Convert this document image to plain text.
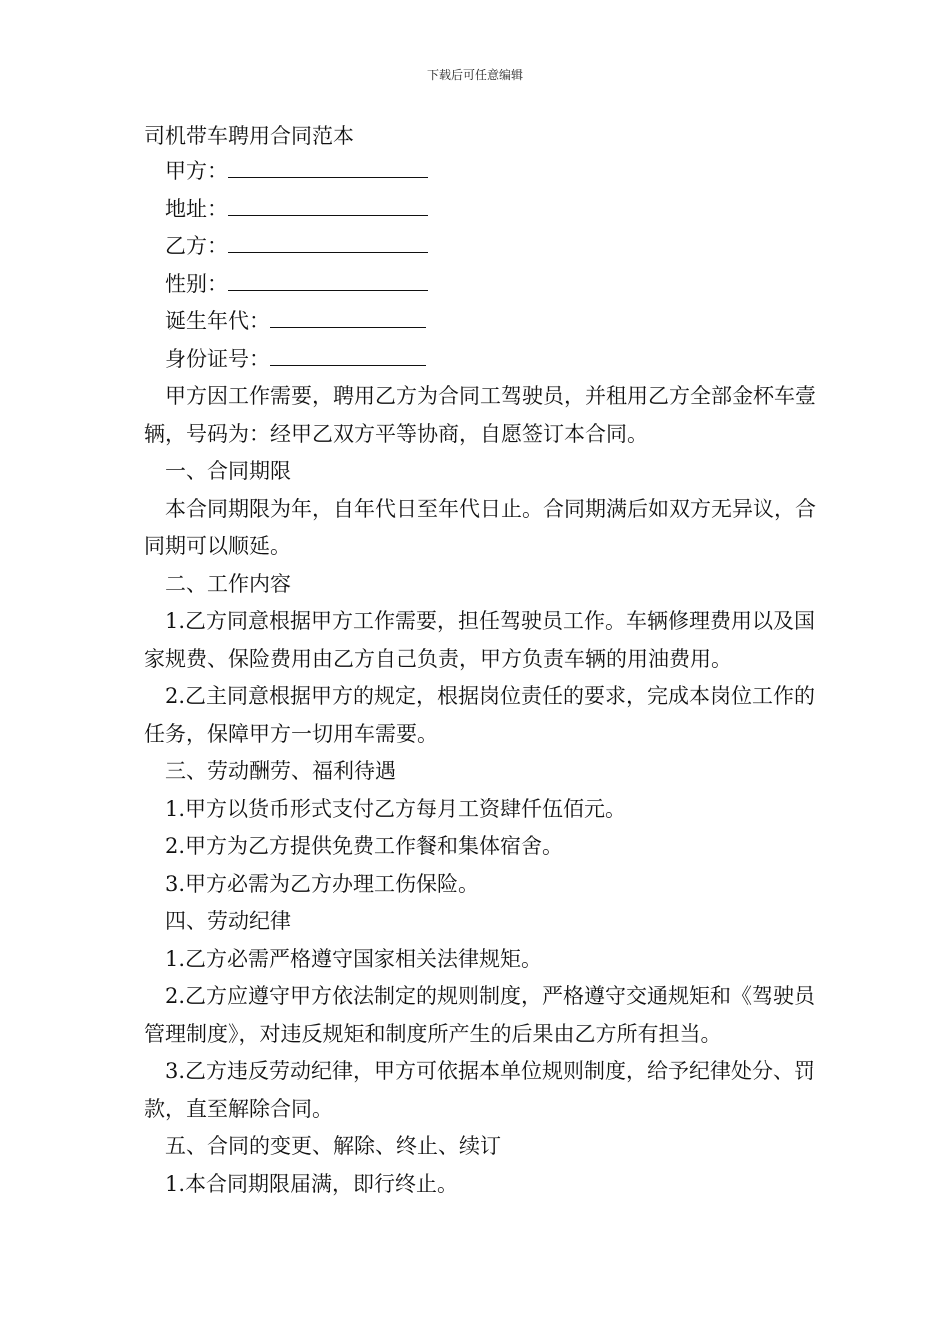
下载后可任意编辑
司机带车聘用合同范本
甲方：
地址：
乙方：
性别：
诞生年代：
身份证号：

甲方因工作需要，聘用乙方为合同工驾驶员，并租用乙方全部金杯车壹辆，号码为：经甲乙双方平等协商，自愿签订本合同。

一、合同期限

本合同期限为年，自年代日至年代日止。合同期满后如双方无异议，合同期可以顺延。

二、工作内容

1.乙方同意根据甲方工作需要，担任驾驶员工作。车辆修理费用以及国家规费、保险费用由乙方自己负责，甲方负责车辆的用油费用。

2.乙主同意根据甲方的规定，根据岗位责任的要求，完成本岗位工作的任务，保障甲方一切用车需要。

三、劳动酬劳、福利待遇

1.甲方以货币形式支付乙方每月工资肆仟伍佰元。

2.甲方为乙方提供免费工作餐和集体宿舍。

3.甲方必需为乙方办理工伤保险。

四、劳动纪律

1.乙方必需严格遵守国家相关法律规矩。

2.乙方应遵守甲方依法制定的规则制度，严格遵守交通规矩和《驾驶员管理制度》，对违反规矩和制度所产生的后果由乙方所有担当。

3.乙方违反劳动纪律，甲方可依据本单位规则制度，给予纪律处分、罚款，直至解除合同。

五、合同的变更、解除、终止、续订

1.本合同期限届满，即行终止。
